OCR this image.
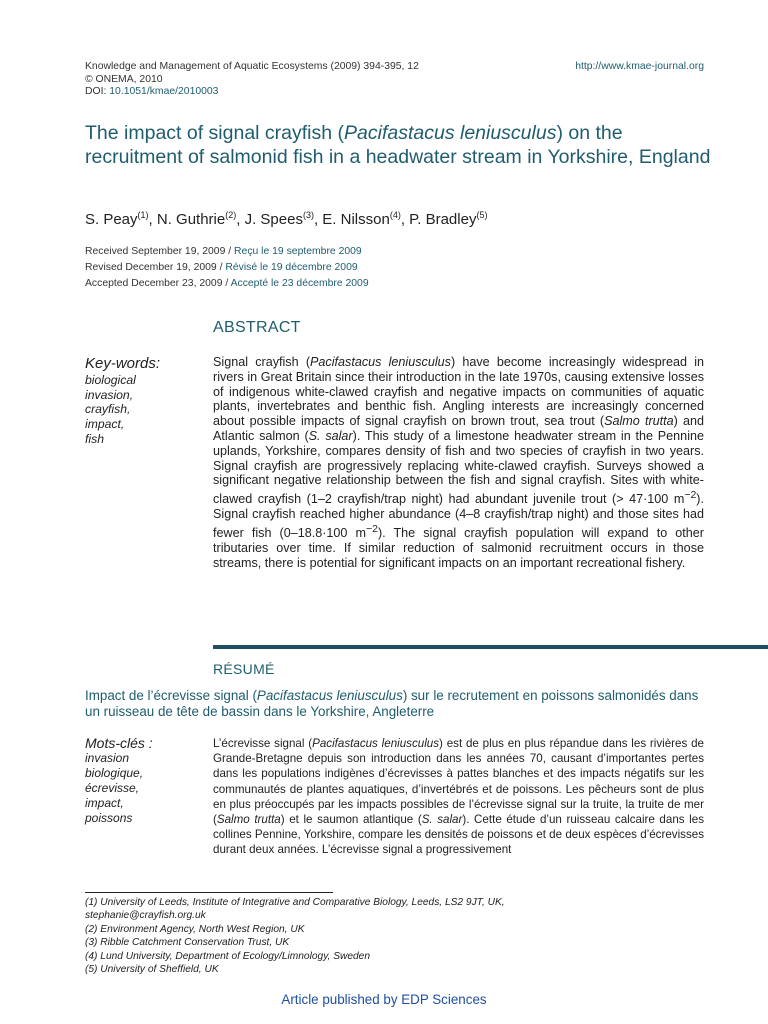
Knowledge and Management of Aquatic Ecosystems (2009) 394-395, 12
© ONEMA, 2010
DOI: 10.1051/kmae/2010003
http://www.kmae-journal.org
The impact of signal crayfish (Pacifastacus leniusculus) on the recruitment of salmonid fish in a headwater stream in Yorkshire, England
S. Peay$^{(1)}$, N. Guthrie$^{(2)}$, J. Spees$^{(3)}$, E. Nilsson$^{(4)}$, P. Bradley$^{(5)}$
Received September 19, 2009 / Reçu le 19 septembre 2009
Revised December 19, 2009 / Révisé le 19 décembre 2009
Accepted December 23, 2009 / Accepté le 23 décembre 2009
ABSTRACT
Key-words:
biological
invasion,
crayfish,
impact,
fish
Signal crayfish (Pacifastacus leniusculus) have become increasingly widespread in rivers in Great Britain since their introduction in the late 1970s, causing extensive losses of indigenous white-clawed crayfish and negative impacts on communities of aquatic plants, invertebrates and benthic fish. Angling interests are increasingly concerned about possible impacts of signal crayfish on brown trout, sea trout (Salmo trutta) and Atlantic salmon (S. salar). This study of a limestone headwater stream in the Pennine uplands, Yorkshire, compares density of fish and two species of crayfish in two years. Signal crayfish are progressively replacing white-clawed crayfish. Surveys showed a significant negative relationship between the fish and signal crayfish. Sites with white-clawed crayfish (1–2 crayfish/trap night) had abundant juvenile trout (> 47·100 $m^{-2}$). Signal crayfish reached higher abundance (4–8 crayfish/trap night) and those sites had fewer fish (0–18.8·100 $m^{-2}$). The signal crayfish population will expand to other tributaries over time. If similar reduction of salmonid recruitment occurs in those streams, there is potential for significant impacts on an important recreational fishery.
RÉSUMÉ
Impact de l’écrevisse signal (Pacifastacus leniusculus) sur le recrutement en poissons salmonidés dans un ruisseau de tête de bassin dans le Yorkshire, Angleterre
Mots-clés :
invasion
biologique,
écrevisse,
impact,
poissons
L’écrevisse signal (Pacifastacus leniusculus) est de plus en plus répandue dans les rivières de Grande-Bretagne depuis son introduction dans les années 70, causant d’importantes pertes dans les populations indigènes d’écrevisses à pattes blanches et des impacts négatifs sur les communautés de plantes aquatiques, d’invertébrés et de poissons. Les pêcheurs sont de plus en plus préoccupés par les impacts possibles de l’écrevisse signal sur la truite, la truite de mer (Salmo trutta) et le saumon atlantique (S. salar). Cette étude d’un ruisseau calcaire dans les collines Pennine, Yorkshire, compare les densités de poissons et de deux espèces d’écrevisses durant deux années. L’écrevisse signal a progressivement
(1) University of Leeds, Institute of Integrative and Comparative Biology, Leeds, LS2 9JT, UK,
stephanie@crayfish.org.uk
(2) Environment Agency, North West Region, UK
(3) Ribble Catchment Conservation Trust, UK
(4) Lund University, Department of Ecology/Limnology, Sweden
(5) University of Sheffield, UK
Article published by EDP Sciences
